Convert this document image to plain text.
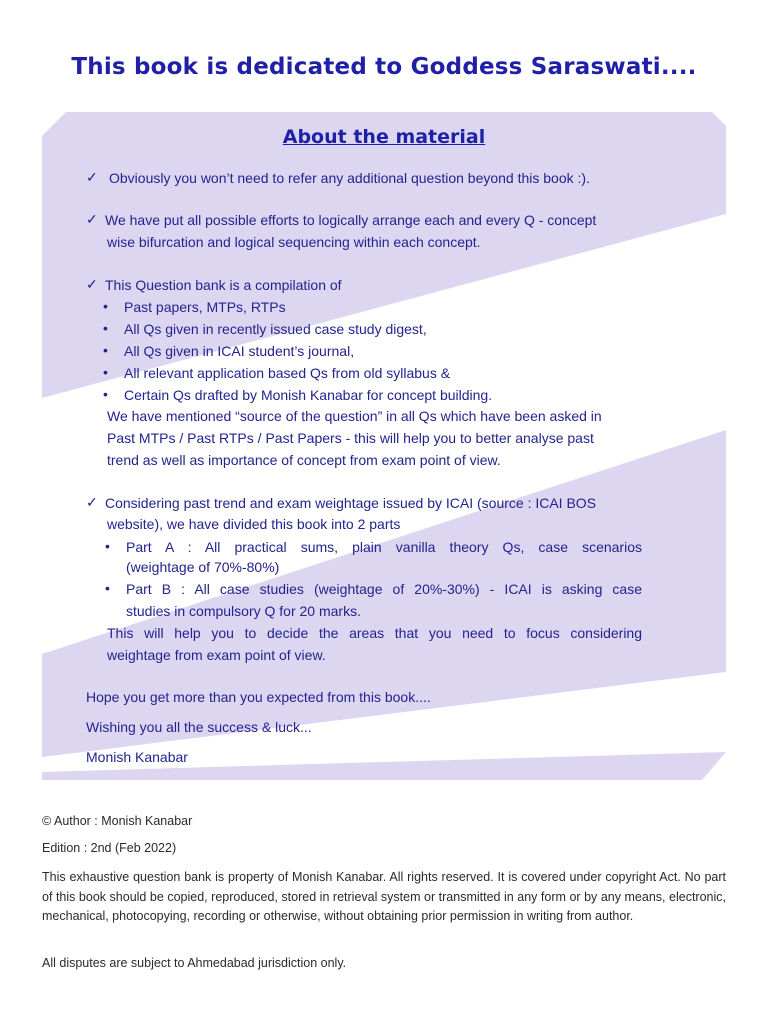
This book is dedicated to Goddess Saraswati....
About the material
✓ Obviously you won’t need to refer any additional question beyond this book :).
✓ We have put all possible efforts to logically arrange each and every Q - concept
wise bifurcation and logical sequencing within each concept.
✓ This Question bank is a compilation of
• Past papers, MTPs, RTPs
• All Qs given in recently issued case study digest,
• All Qs given in ICAI student’s journal,
• All relevant application based Qs from old syllabus &
• Certain Qs drafted by Monish Kanabar for concept building.
We have mentioned “source of the question” in all Qs which have been asked in
Past MTPs / Past RTPs / Past Papers - this will help you to better analyse past
trend as well as importance of concept from exam point of view.
✓ Considering past trend and exam weightage issued by ICAI (source : ICAI BOS
website), we have divided this book into 2 parts
• Part A : All practical sums, plain vanilla theory Qs, case scenarios
(weightage of 70%-80%)
• Part B : All case studies (weightage of 20%-30%) - ICAI is asking case
studies in compulsory Q for 20 marks.
This will help you to decide the areas that you need to focus considering
weightage from exam point of view.
Hope you get more than you expected from this book....
Wishing you all the success & luck...
Monish Kanabar
© Author : Monish Kanabar
Edition : 2nd (Feb 2022)
This exhaustive question bank is property of Monish Kanabar. All rights reserved. It is covered under copyright Act. No part of this book should be copied, reproduced, stored in retrieval system or transmitted in any form or by any means, electronic, mechanical, photocopying, recording or otherwise, without obtaining prior permission in writing from author.
All disputes are subject to Ahmedabad jurisdiction only.
